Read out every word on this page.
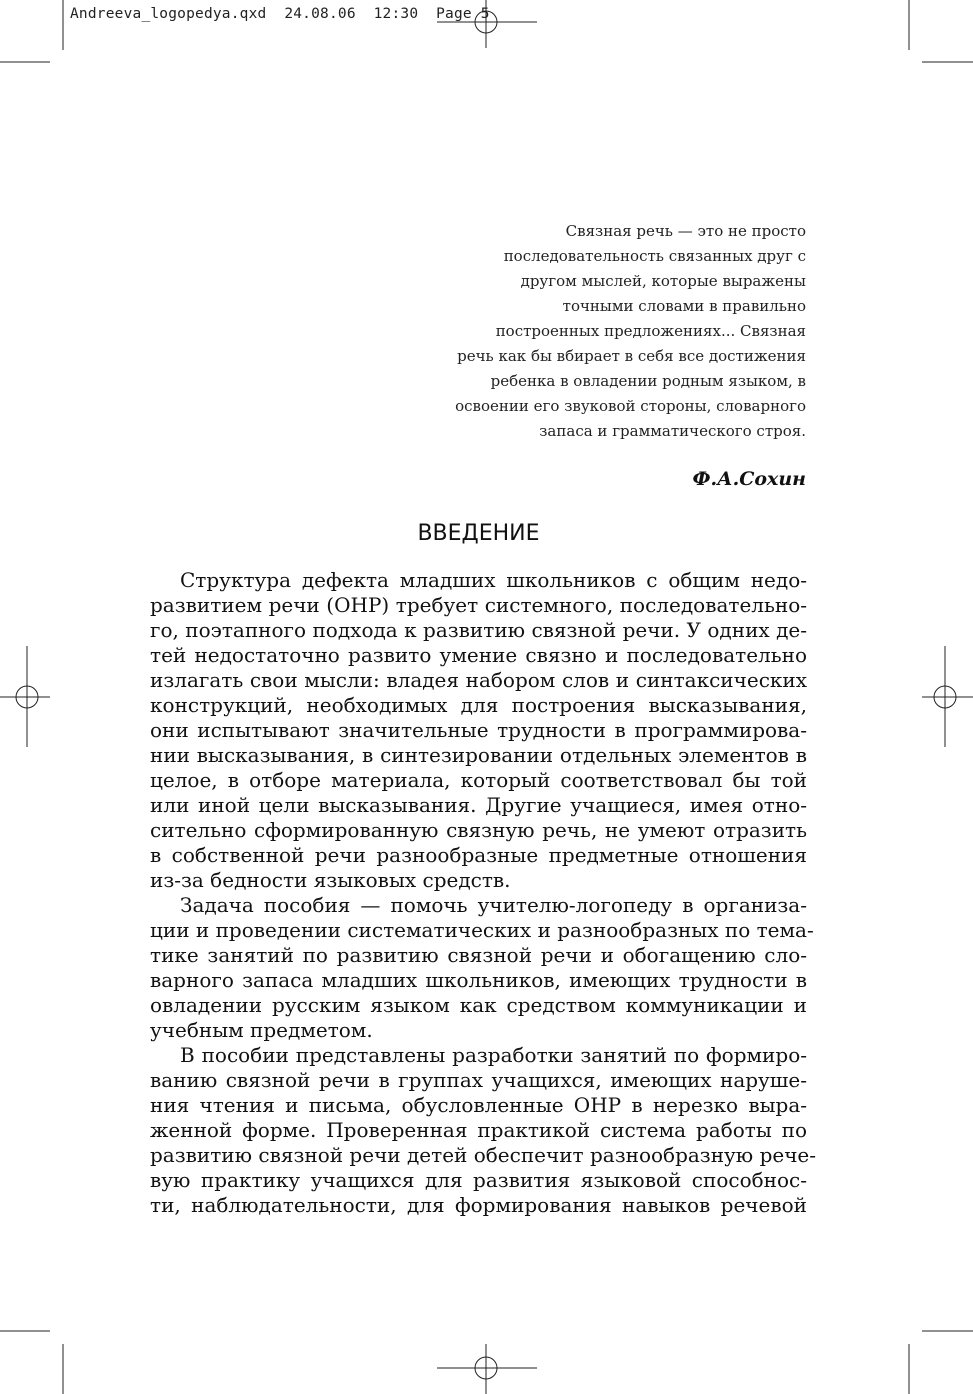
Andreeva_logopedya.qxd  24.08.06  12:30  Page 5
Связная речь — это не просто
последовательность связанных друг с
другом мыслей, которые выражены
точными словами в правильно
построенных предложениях... Связная
речь как бы вбирает в себя все достижения
ребенка в овладении родным языком, в
освоении его звуковой стороны, словарного
запаса и грамматического строя.
Ф.А.Сохин
ВВЕДЕНИЕ
Структура дефекта младших школьников с общим недо-
развитием речи (ОНР) требует системного, последовательно-
го, поэтапного подхода к развитию связной речи. У одних де-
тей недостаточно развито умение связно и последовательно
излагать свои мысли: владея набором слов и синтаксических
конструкций, необходимых для построения высказывания,
они испытывают значительные трудности в программирова-
нии высказывания, в синтезировании отдельных элементов в
целое, в отборе материала, который соответствовал бы той
или иной цели высказывания. Другие учащиеся, имея отно-
сительно сформированную связную речь, не умеют отразить
в собственной речи разнообразные предметные отношения
из-за бедности языковых средств.
Задача пособия — помочь учителю-логопеду в организа-
ции и проведении систематических и разнообразных по тема-
тике занятий по развитию связной речи и обогащению сло-
варного запаса младших школьников, имеющих трудности в
овладении русским языком как средством коммуникации и
учебным предметом.
В пособии представлены разработки занятий по формиро-
ванию связной речи в группах учащихся, имеющих наруше-
ния чтения и письма, обусловленные ОНР в нерезко выра-
женной форме. Проверенная практикой система работы по
развитию связной речи детей обеспечит разнообразную рече-
вую практику учащихся для развития языковой способнос-
ти, наблюдательности, для формирования навыков речевой
